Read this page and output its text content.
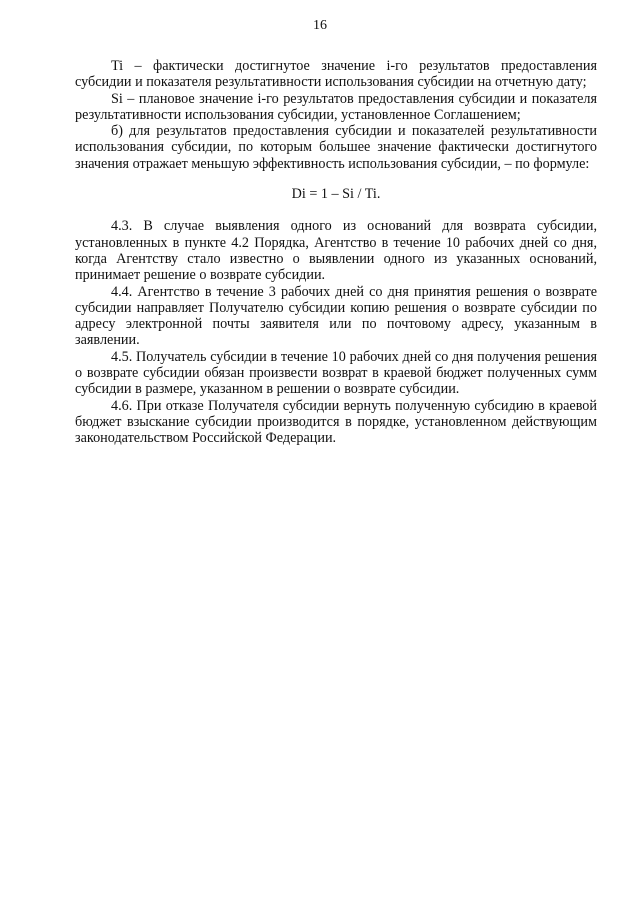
16

Ti – фактически достигнутое значение i-го результатов предоставления субсидии и показателя результативности использования субсидии на отчетную дату;

Si – плановое значение i-го результатов предоставления субсидии и показателя результативности использования субсидии, установленное Соглашением;

б) для результатов предоставления субсидии и показателей результативности использования субсидии, по которым большее значение фактически достигнутого значения отражает меньшую эффективность использования субсидии, – по формуле:

Di = 1 – Si / Ti.

4.3. В случае выявления одного из оснований для возврата субсидии, установленных в пункте 4.2 Порядка, Агентство в течение 10 рабочих дней со дня, когда Агентству стало известно о выявлении одного из указанных оснований, принимает решение о возврате субсидии.

4.4. Агентство в течение 3 рабочих дней со дня принятия решения о возврате субсидии направляет Получателю субсидии копию решения о возврате субсидии по адресу электронной почты заявителя или по почтовому адресу, указанным в заявлении.

4.5. Получатель субсидии в течение 10 рабочих дней со дня получения решения о возврате субсидии обязан произвести возврат в краевой бюджет полученных сумм субсидии в размере, указанном в решении о возврате субсидии.

4.6. При отказе Получателя субсидии вернуть полученную субсидию в краевой бюджет взыскание субсидии производится в порядке, установленном действующим законодательством Российской Федерации.
